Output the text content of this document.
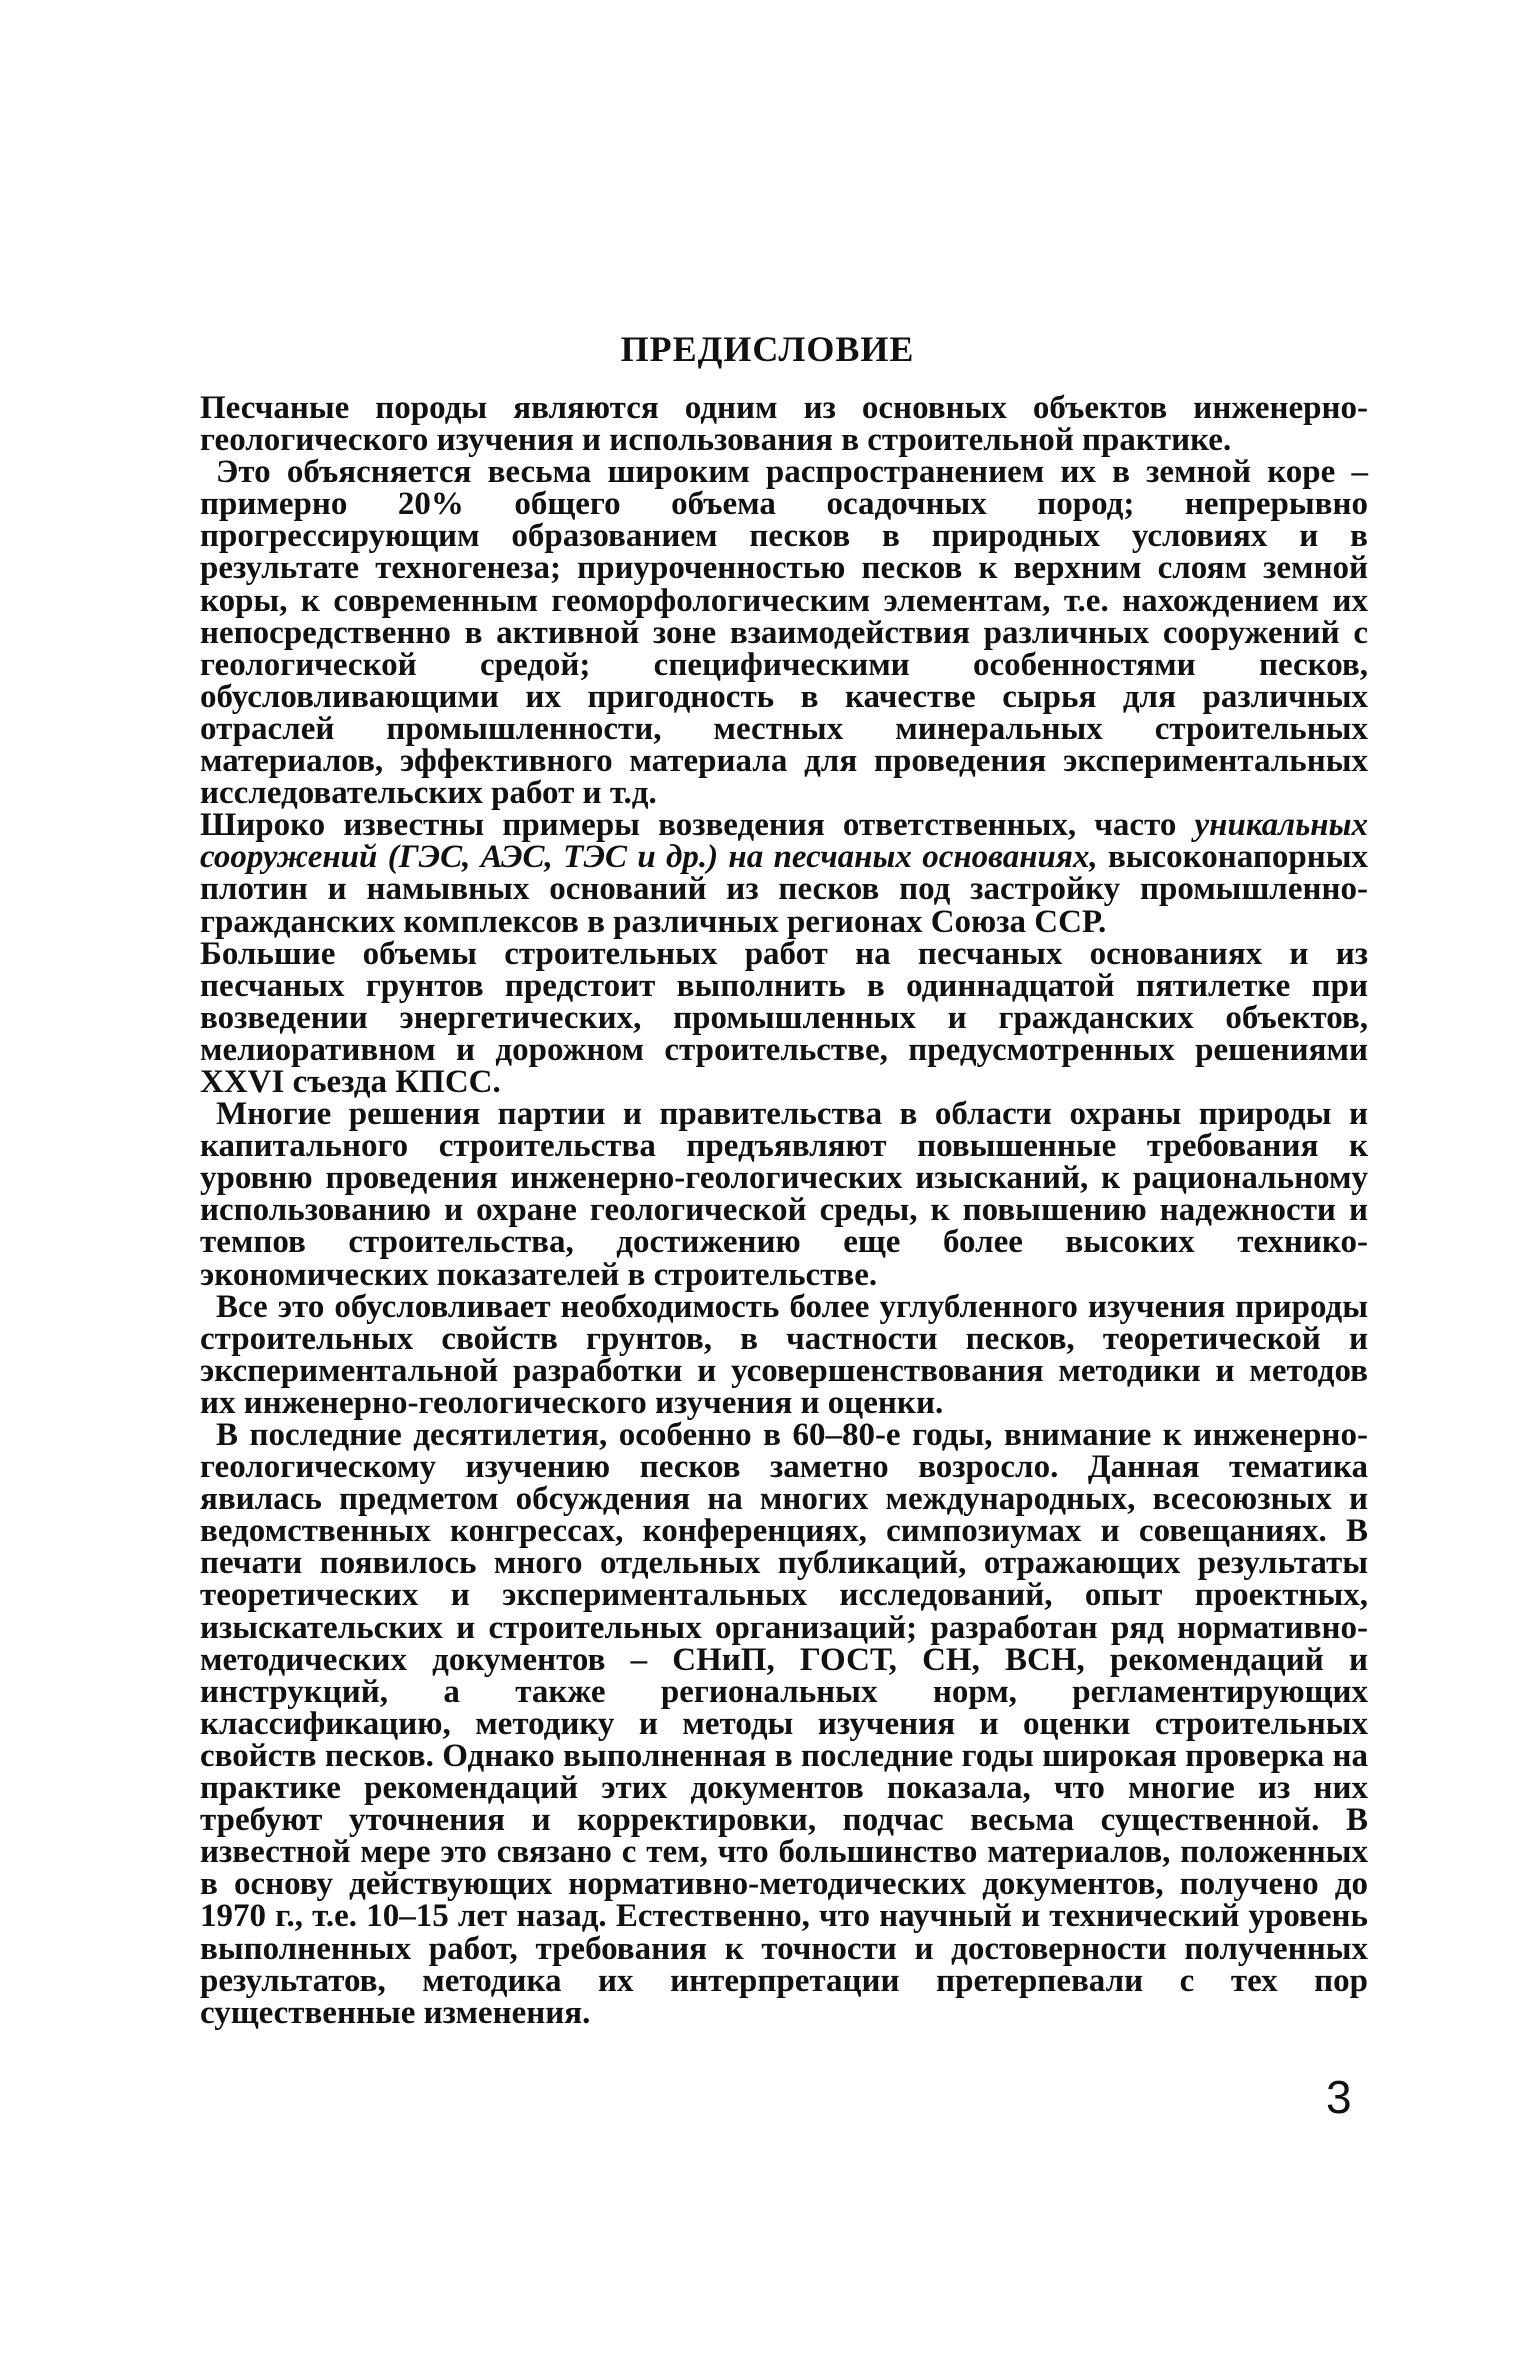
ПРЕДИСЛОВИЕ

Песчаные породы являются одним из основных объектов инженерно-геологического изучения и использования в строительной практике.

Это объясняется весьма широким распространением их в земной коре – примерно 20% общего объема осадочных пород; непрерывно прогрессирующим образованием песков в природных условиях и в результате техногенеза; приуроченностью песков к верхним слоям земной коры, к современным геоморфологическим элементам, т.е. нахождением их непосредственно в активной зоне взаимодействия различных сооружений с геологической средой; специфическими особенностями песков, обусловливающими их пригодность в качестве сырья для различных отраслей промышленности, местных минеральных строительных материалов, эффективного материала для проведения экспериментальных исследовательских работ и т.д.

Широко известны примеры возведения ответственных, часто уникальных сооружений (ГЭС, АЭС, ТЭС и др.) на песчаных основаниях, высоконапорных плотин и намывных оснований из песков под застройку промышленно-гражданских комплексов в различных регионах Союза ССР.

Большие объемы строительных работ на песчаных основаниях и из песчаных грунтов предстоит выполнить в одиннадцатой пятилетке при возведении энергетических, промышленных и гражданских объектов, мелиоративном и дорожном строительстве, предусмотренных решениями XXVI съезда КПСС.

Многие решения партии и правительства в области охраны природы и капитального строительства предъявляют повышенные требования к уровню проведения инженерно-геологических изысканий, к рациональному использованию и охране геологической среды, к повышению надежности и темпов строительства, достижению еще более высоких технико-экономических показателей в строительстве.

Все это обусловливает необходимость более углубленного изучения природы строительных свойств грунтов, в частности песков, теоретической и экспериментальной разработки и усовершенствования методики и методов их инженерно-геологического изучения и оценки.

В последние десятилетия, особенно в 60–80-е годы, внимание к инженерно-геологическому изучению песков заметно возросло. Данная тематика явилась предметом обсуждения на многих международных, всесоюзных и ведомственных конгрессах, конференциях, симпозиумах и совещаниях. В печати появилось много отдельных публикаций, отражающих результаты теоретических и экспериментальных исследований, опыт проектных, изыскательских и строительных организаций; разработан ряд нормативно-методических документов – СНиП, ГОСТ, СН, ВСН, рекомендаций и инструкций, а также региональных норм, регламентирующих классификацию, методику и методы изучения и оценки строительных свойств песков. Однако выполненная в последние годы широкая проверка на практике рекомендаций этих документов показала, что многие из них требуют уточнения и корректировки, подчас весьма существенной. В известной мере это связано с тем, что большинство материалов, положенных в основу действующих нормативно-методических документов, получено до 1970 г., т.е. 10–15 лет назад. Естественно, что научный и технический уровень выполненных работ, требования к точности и достоверности полученных результатов, методика их интерпретации претерпевали с тех пор существенные изменения.

3
